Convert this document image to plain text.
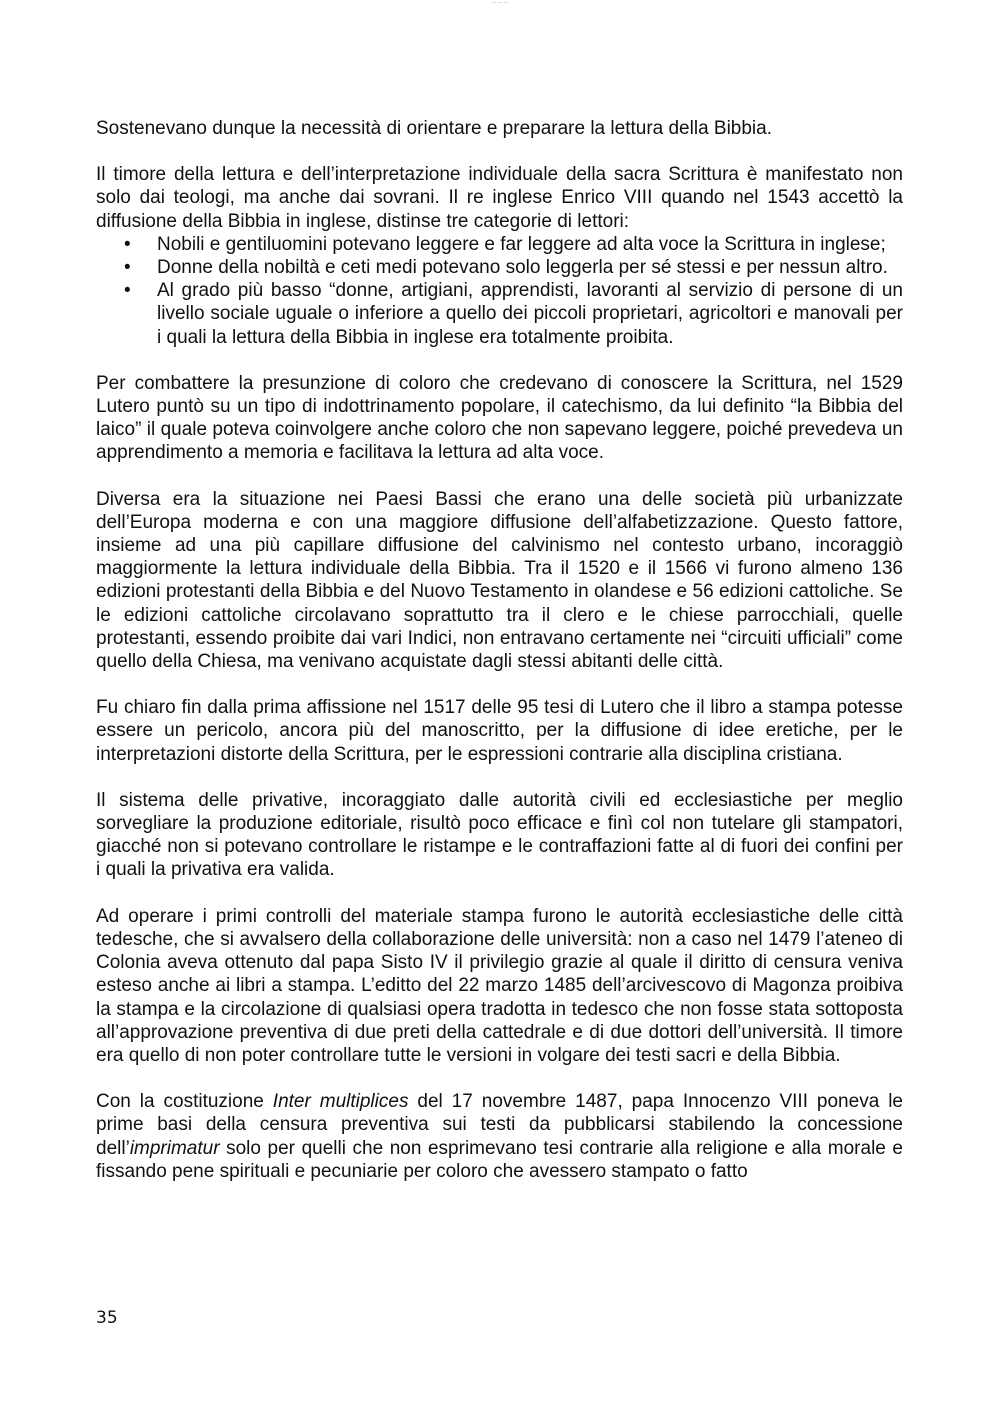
— — —

Sostenevano dunque la necessità di orientare e preparare la lettura della Bibbia.

Il timore della lettura e dell’interpretazione individuale della sacra Scrittura è manifestato non solo dai teologi, ma anche dai sovrani. Il re inglese Enrico VIII quando nel 1543 accettò la diffusione della Bibbia in inglese, distinse tre categorie di lettori:

• Nobili e gentiluomini potevano leggere e far leggere ad alta voce la Scrittura in inglese;
• Donne della nobiltà e ceti medi potevano solo leggerla per sé stessi e per nessun altro.
• Al grado più basso “donne, artigiani, apprendisti, lavoranti al servizio di persone di un livello sociale uguale o inferiore a quello dei piccoli proprietari, agricoltori e manovali per i quali la lettura della Bibbia in inglese era totalmente proibita.

Per combattere la presunzione di coloro che credevano di conoscere la Scrittura, nel 1529 Lutero puntò su un tipo di indottrinamento popolare, il catechismo, da lui definito “la Bibbia del laico” il quale poteva coinvolgere anche coloro che non sapevano leggere, poiché prevedeva un apprendimento a memoria e facilitava la lettura ad alta voce.

Diversa era la situazione nei Paesi Bassi che erano una delle società più urbanizzate dell’Europa moderna e con una maggiore diffusione dell’alfabetizzazione. Questo fattore, insieme ad una più capillare diffusione del calvinismo nel contesto urbano, incoraggiò maggiormente la lettura individuale della Bibbia. Tra il 1520 e il 1566 vi furono almeno 136 edizioni protestanti della Bibbia e del Nuovo Testamento in olandese e 56 edizioni cattoliche. Se le edizioni cattoliche circolavano soprattutto tra il clero e le chiese parrocchiali, quelle protestanti, essendo proibite dai vari Indici, non entravano certamente nei “circuiti ufficiali” come quello della Chiesa, ma venivano acquistate dagli stessi abitanti delle città.

Fu chiaro fin dalla prima affissione nel 1517 delle 95 tesi di Lutero che il libro a stampa potesse essere un pericolo, ancora più del manoscritto, per la diffusione di idee eretiche, per le interpretazioni distorte della Scrittura, per le espressioni contrarie alla disciplina cristiana.

Il sistema delle privative, incoraggiato dalle autorità civili ed ecclesiastiche per meglio sorvegliare la produzione editoriale, risultò poco efficace e finì col non tutelare gli stampatori, giacché non si potevano controllare le ristampe e le contraffazioni fatte al di fuori dei confini per i quali la privativa era valida.

Ad operare i primi controlli del materiale stampa furono le autorità ecclesiastiche delle città tedesche, che si avvalsero della collaborazione delle università: non a caso nel 1479 l’ateneo di Colonia aveva ottenuto dal papa Sisto IV il privilegio grazie al quale il diritto di censura veniva esteso anche ai libri a stampa. L’editto del 22 marzo 1485 dell’arcivescovo di Magonza proibiva la stampa e la circolazione di qualsiasi opera tradotta in tedesco che non fosse stata sottoposta all’approvazione preventiva di due preti della cattedrale e di due dottori dell’università. Il timore era quello di non poter controllare tutte le versioni in volgare dei testi sacri e della Bibbia.

Con la costituzione Inter multiplices del 17 novembre 1487, papa Innocenzo VIII poneva le prime basi della censura preventiva sui testi da pubblicarsi stabilendo la concessione dell’imprimatur solo per quelli che non esprimevano tesi contrarie alla religione e alla morale e fissando pene spirituali e pecuniarie per coloro che avessero stampato o fatto

35
